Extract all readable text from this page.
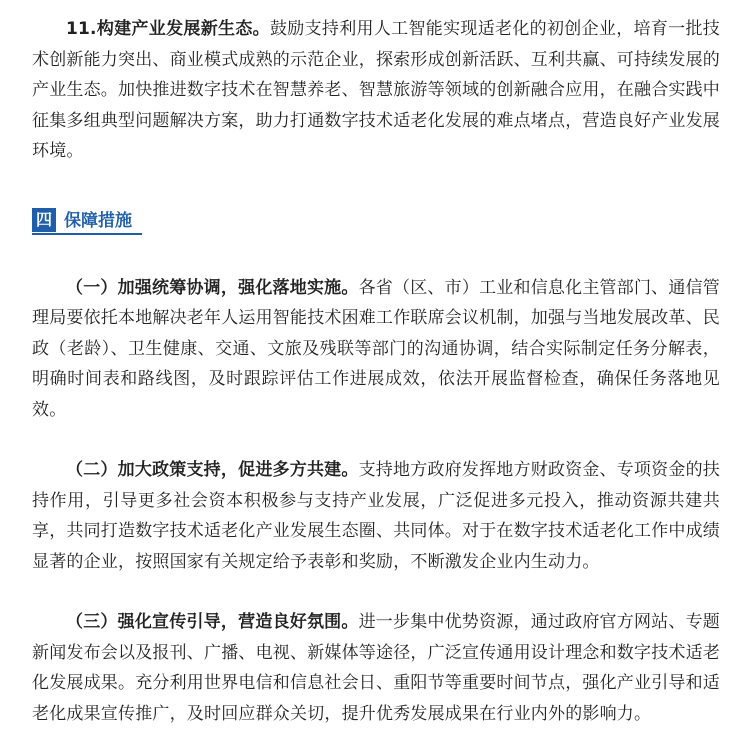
11.构建产业发展新生态。鼓励支持利用人工智能实现适老化的初创企业，培育一批技术创新能力突出、商业模式成熟的示范企业，探索形成创新活跃、互利共赢、可持续发展的产业生态。加快推进数字技术在智慧养老、智慧旅游等领域的创新融合应用，在融合实践中征集多组典型问题解决方案，助力打通数字技术适老化发展的难点堵点，营造良好产业发展环境。

四 保障措施

（一）加强统筹协调，强化落地实施。各省（区、市）工业和信息化主管部门、通信管理局要依托本地解决老年人运用智能技术困难工作联席会议机制，加强与当地发展改革、民政（老龄）、卫生健康、交通、文旅及残联等部门的沟通协调，结合实际制定任务分解表，明确时间表和路线图，及时跟踪评估工作进展成效，依法开展监督检查，确保任务落地见效。

（二）加大政策支持，促进多方共建。支持地方政府发挥地方财政资金、专项资金的扶持作用，引导更多社会资本积极参与支持产业发展，广泛促进多元投入，推动资源共建共享，共同打造数字技术适老化产业发展生态圈、共同体。对于在数字技术适老化工作中成绩显著的企业，按照国家有关规定给予表彰和奖励，不断激发企业内生动力。

（三）强化宣传引导，营造良好氛围。进一步集中优势资源，通过政府官方网站、专题新闻发布会以及报刊、广播、电视、新媒体等途径，广泛宣传通用设计理念和数字技术适老化发展成果。充分利用世界电信和信息社会日、重阳节等重要时间节点，强化产业引导和适老化成果宣传推广，及时回应群众关切，提升优秀发展成果在行业内外的影响力。
